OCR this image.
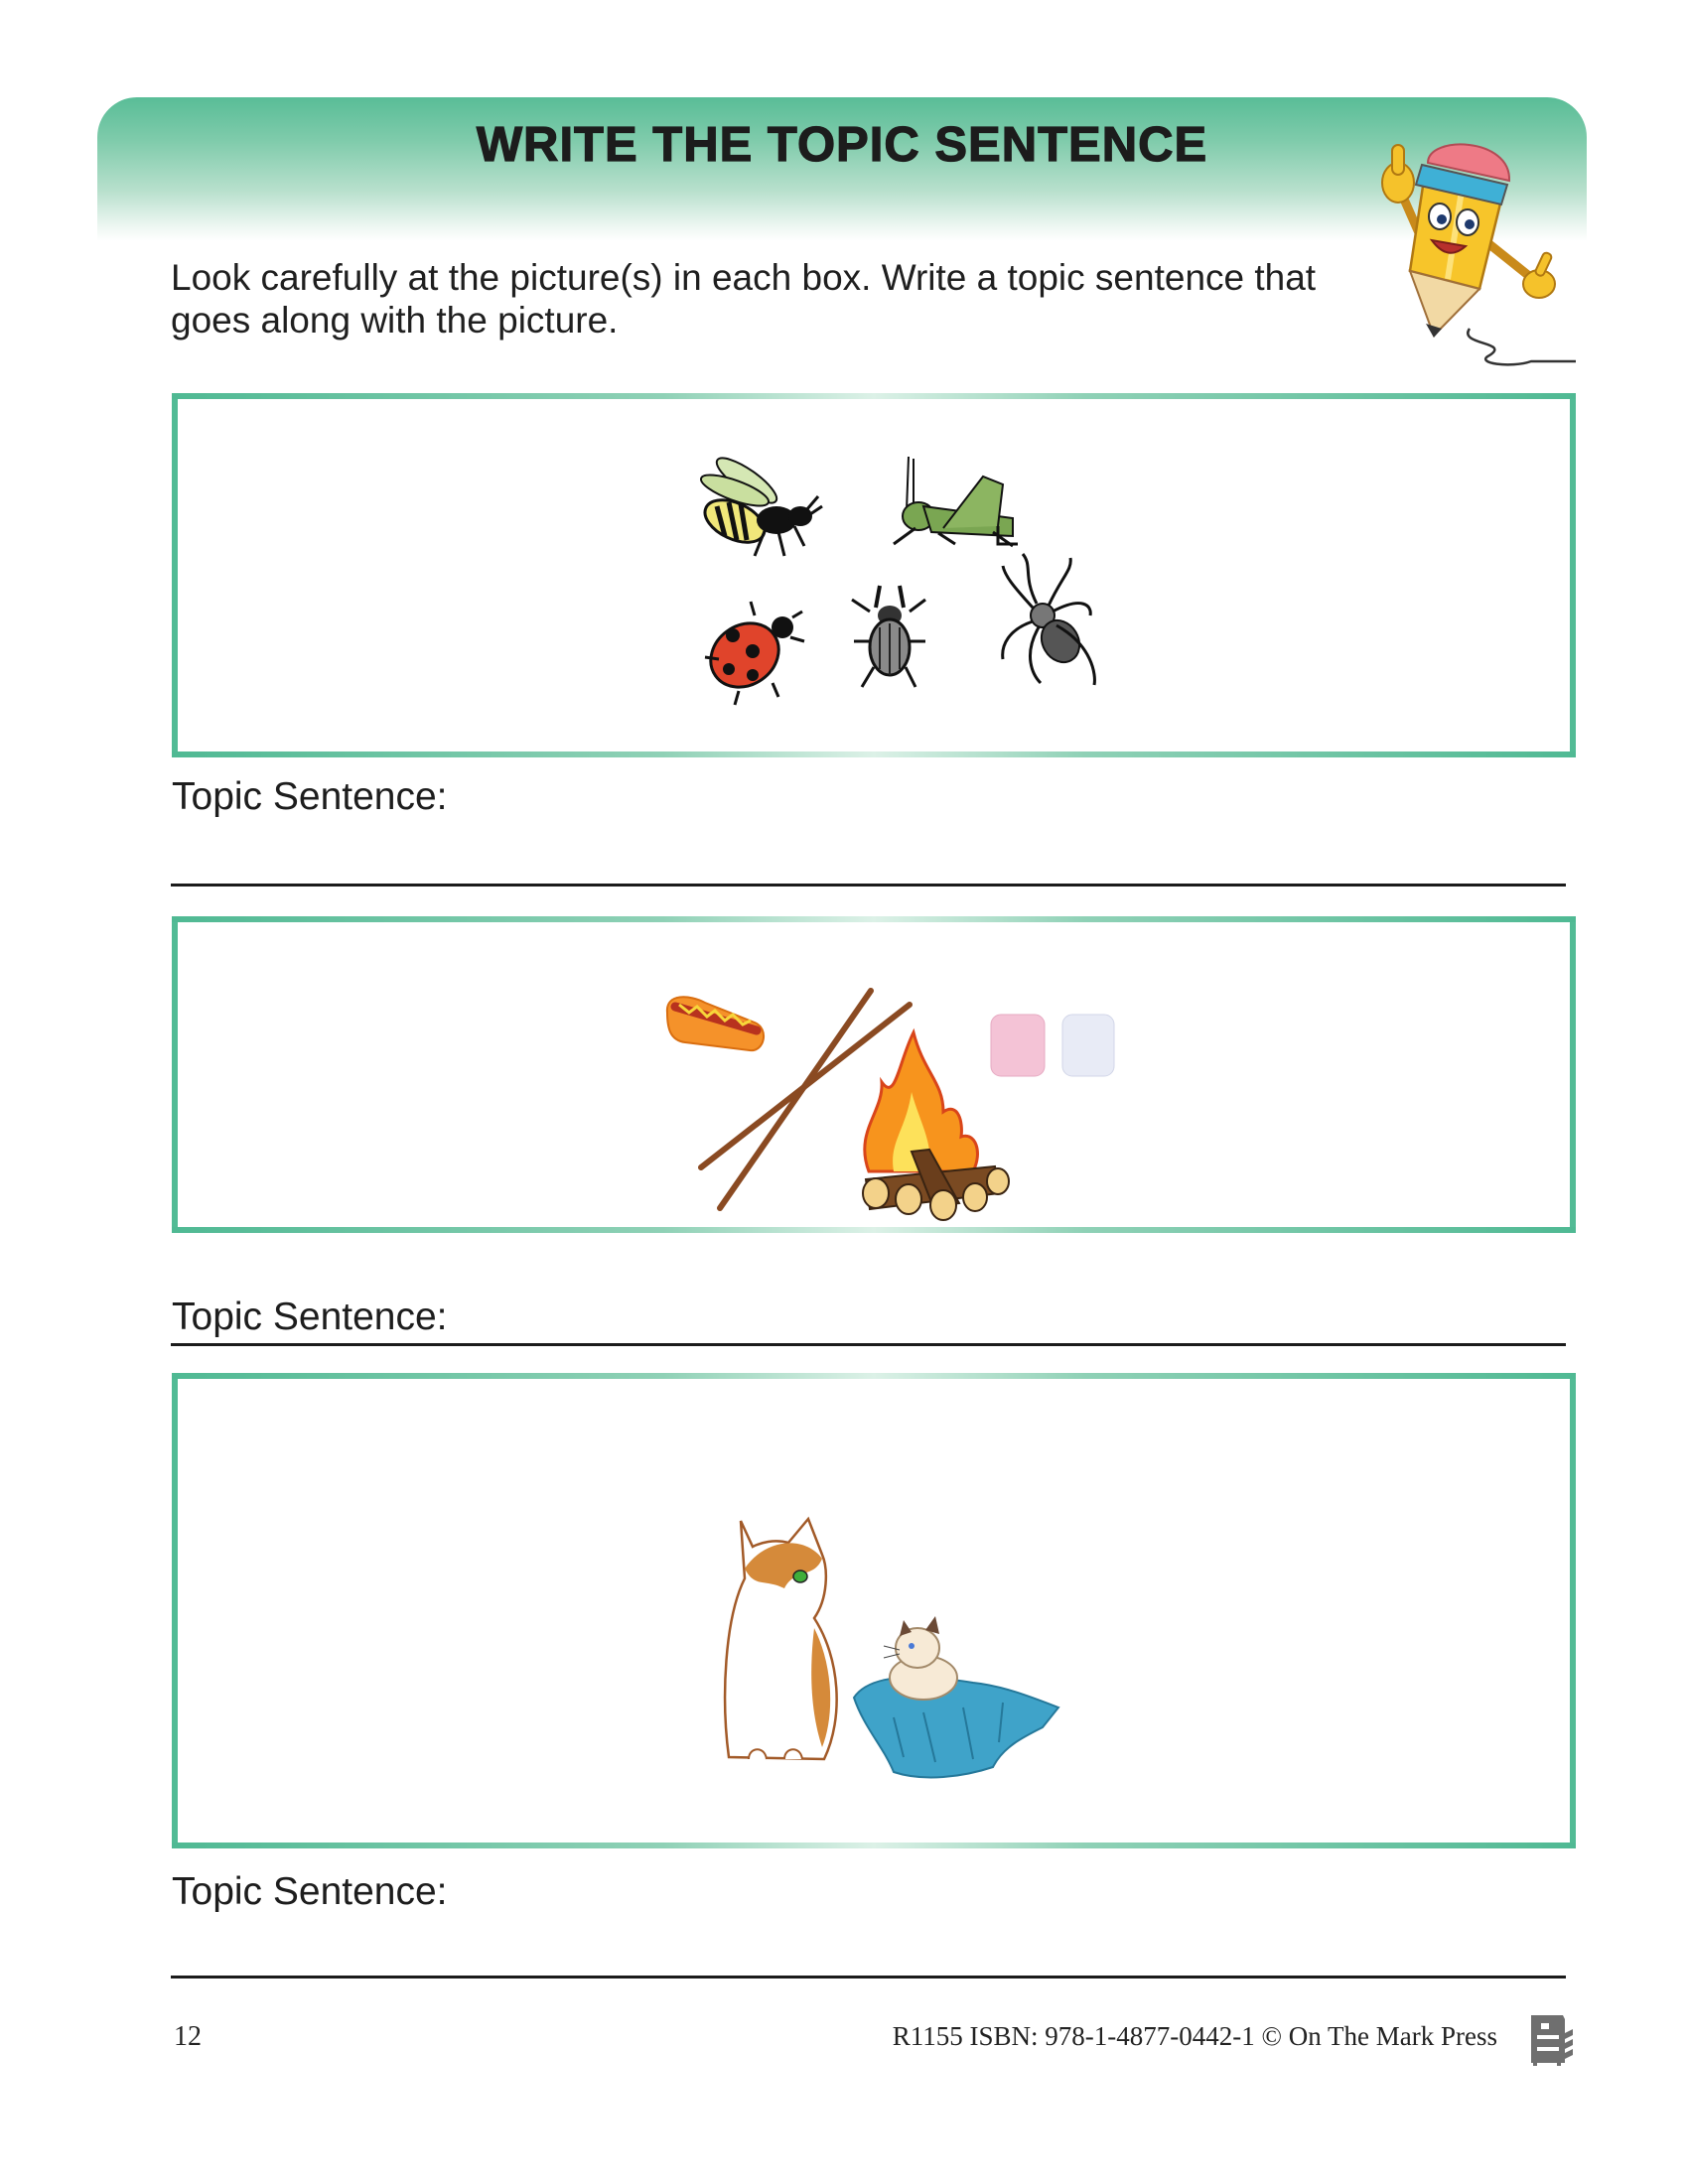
WRITE THE TOPIC SENTENCE
Look carefully at the picture(s) in each box. Write a topic sentence that
goes along with the picture.
Topic Sentence:
Topic Sentence:
Topic Sentence:
12	R1155 ISBN: 978-1-4877-0442-1 © On The Mark Press
